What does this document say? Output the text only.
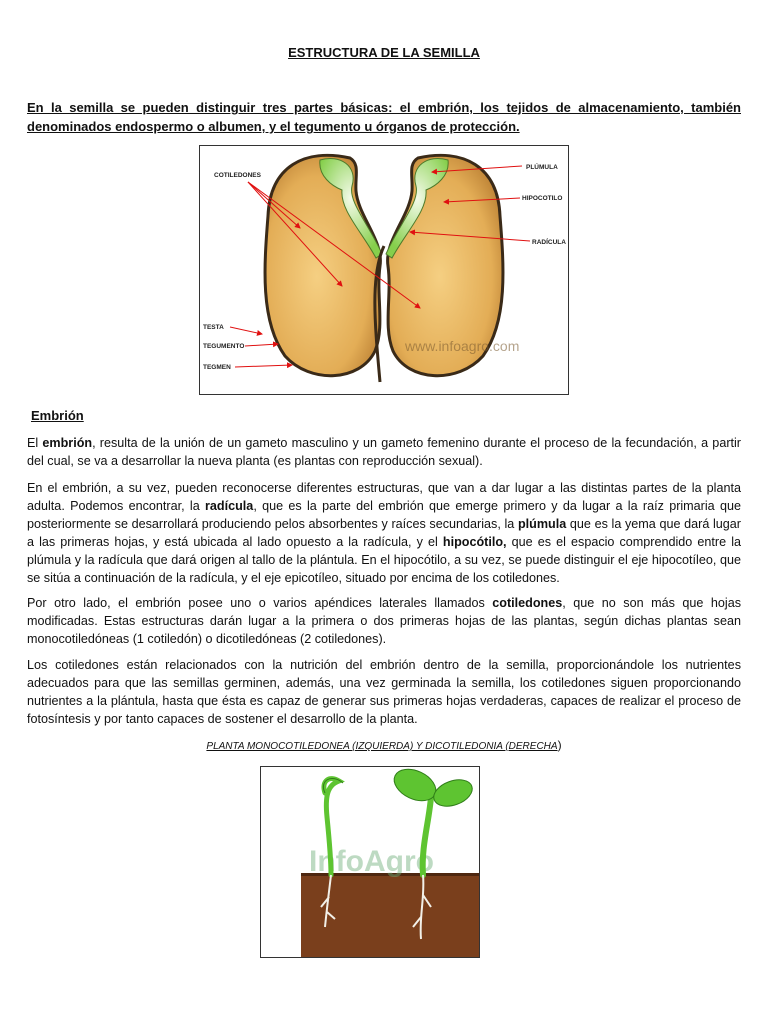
ESTRUCTURA DE LA SEMILLA
En la semilla se pueden distinguir tres partes básicas: el embrión, los tejidos de almacenamiento, también denominados endospermo o albumen, y el tegumento u órganos de protección.
www.infoagro.com
COTILEDONES
PLÚMULA
HIPOCOTILO
RADÍCULA
TESTA
TEGUMENTO
TEGMEN
Embrión

El embrión, resulta de la unión de un gameto masculino y un gameto femenino durante el proceso de la fecundación, a partir del cual, se va a desarrollar la nueva planta (es plantas con reproducción sexual).

En el embrión, a su vez, pueden reconocerse diferentes estructuras, que van a dar lugar a las distintas partes de la planta adulta. Podemos encontrar, la radícula, que es la parte del embrión que emerge primero y da lugar a la raíz primaria que posteriormente se desarrollará produciendo pelos absorbentes y raíces secundarias, la plúmula que es la yema que dará lugar a las primeras hojas, y está ubicada al lado opuesto a la radícula, y el hipocótilo, que es el espacio comprendido entre la plúmula y la radícula que dará origen al tallo de la plántula. En el hipocótilo, a su vez, se puede distinguir el eje hipocotíleo, que se sitúa a continuación de la radícula, y el eje epicotíleo, situado por encima de los cotiledones.

Por otro lado, el embrión posee uno o varios apéndices laterales llamados cotiledones, que no son más que hojas modificadas. Estas estructuras darán lugar a la primera o dos primeras hojas de las plantas, según dichas plantas sean monocotiledóneas (1 cotiledón) o dicotiledóneas (2 cotiledones).

Los cotiledones están relacionados con la nutrición del embrión dentro de la semilla, proporcionándole los nutrientes adecuados para que las semillas germinen, además, una vez germinada la semilla, los cotiledones siguen proporcionando nutrientes a la plántula, hasta que ésta es capaz de generar sus primeras hojas verdaderas, capaces de realizar el proceso de fotosíntesis y por tanto capaces de sostener el desarrollo de la planta.

PLANTA MONOCOTILEDONEA (IZQUIERDA) Y DICOTILEDONIA (DERECHA)
InfoAgro
